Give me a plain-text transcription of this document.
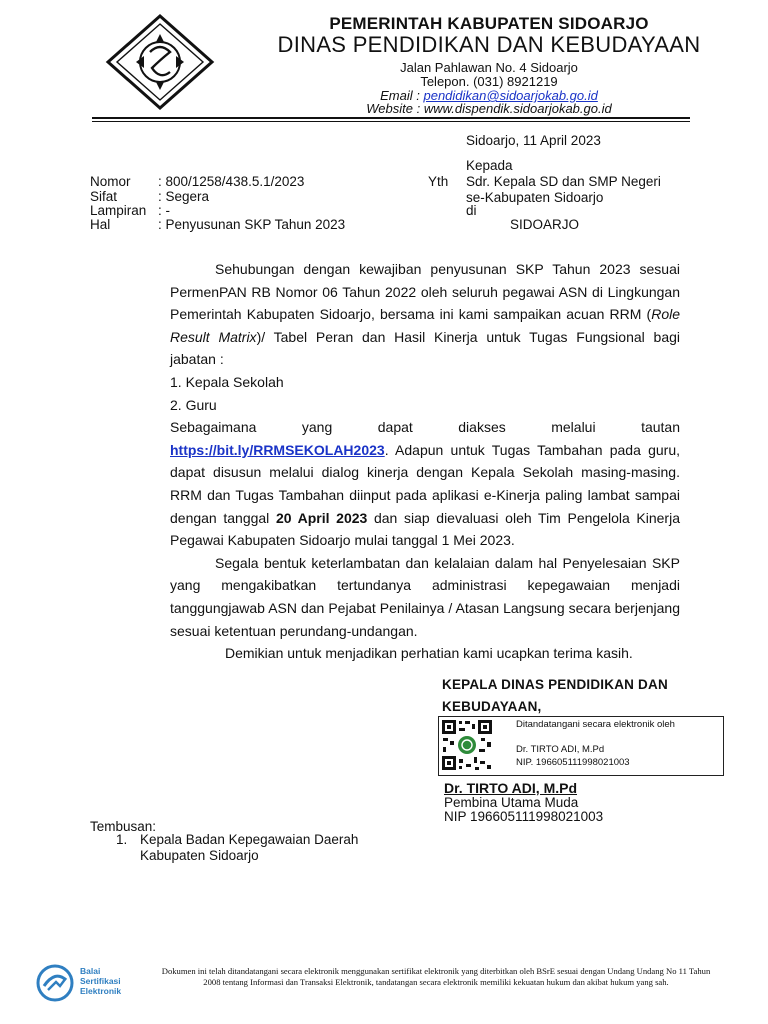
PEMERINTAH KABUPATEN SIDOARJO
DINAS PENDIDIKAN DAN KEBUDAYAAN
Jalan Pahlawan No. 4 Sidoarjo
Telepon. (031) 8921219
Email : pendidikan@sidoarjokab.go.id
Website : www.dispendik.sidoarjokab.go.id
Sidoarjo, 11 April 2023
Kepada
Yth Sdr. Kepala SD dan SMP Negeri
se-Kabupaten Sidoarjo
di
SIDOARJO
Nomor : 800/1258/438.5.1/2023
Sifat	: Segera
Lampiran : -
Hal	: Penyusunan SKP Tahun 2023

Sehubungan dengan kewajiban penyusunan SKP Tahun 2023 sesuai PermenPAN RB Nomor 06 Tahun 2022 oleh seluruh pegawai ASN di Lingkungan Pemerintah Kabupaten Sidoarjo, bersama ini kami sampaikan acuan RRM (Role Result Matrix)/ Tabel Peran dan Hasil Kinerja untuk Tugas Fungsional bagi jabatan :

1. Kepala Sekolah

2. Guru

Sebagaimana yang dapat diakses melalui tautan

https://bit.ly/RRMSEKOLAH2023. Adapun untuk Tugas Tambahan pada guru, dapat disusun melalui dialog kinerja dengan Kepala Sekolah masing-masing. RRM dan Tugas Tambahan diinput pada aplikasi e-Kinerja paling lambat sampai dengan tanggal 20 April 2023 dan siap dievaluasi oleh Tim Pengelola Kinerja Pegawai Kabupaten Sidoarjo mulai tanggal 1 Mei 2023.

Segala bentuk keterlambatan dan kelalaian dalam hal Penyelesaian SKP yang mengakibatkan tertundanya administrasi kepegawaian menjadi tanggungjawab ASN dan Pejabat Penilainya / Atasan Langsung secara berjenjang sesuai ketentuan perundang-undangan.

Demikian untuk menjadikan perhatian kami ucapkan terima kasih.

KEPALA DINAS PENDIDIKAN DAN
KEBUDAYAAN,
Ditandatangani secara elektronik oleh
Dr. TIRTO ADI, M.Pd
NIP. 196605111998021003
Dr. TIRTO ADI, M.Pd
Pembina Utama Muda
NIP 196605111998021003
Tembusan:
1. Kepala Badan Kepegawaian Daerah
Kabupaten Sidoarjo
Balai
Sertifikasi
Elektronik
Dokumen ini telah ditandatangani secara elektronik menggunakan sertifikat elektronik yang diterbitkan oleh BSrE sesuai dengan Undang Undang No 11 Tahun 2008 tentang Informasi dan Transaksi Elektronik, tandatangan secara elektronik memiliki kekuatan hukum dan akibat hukum yang sah.
